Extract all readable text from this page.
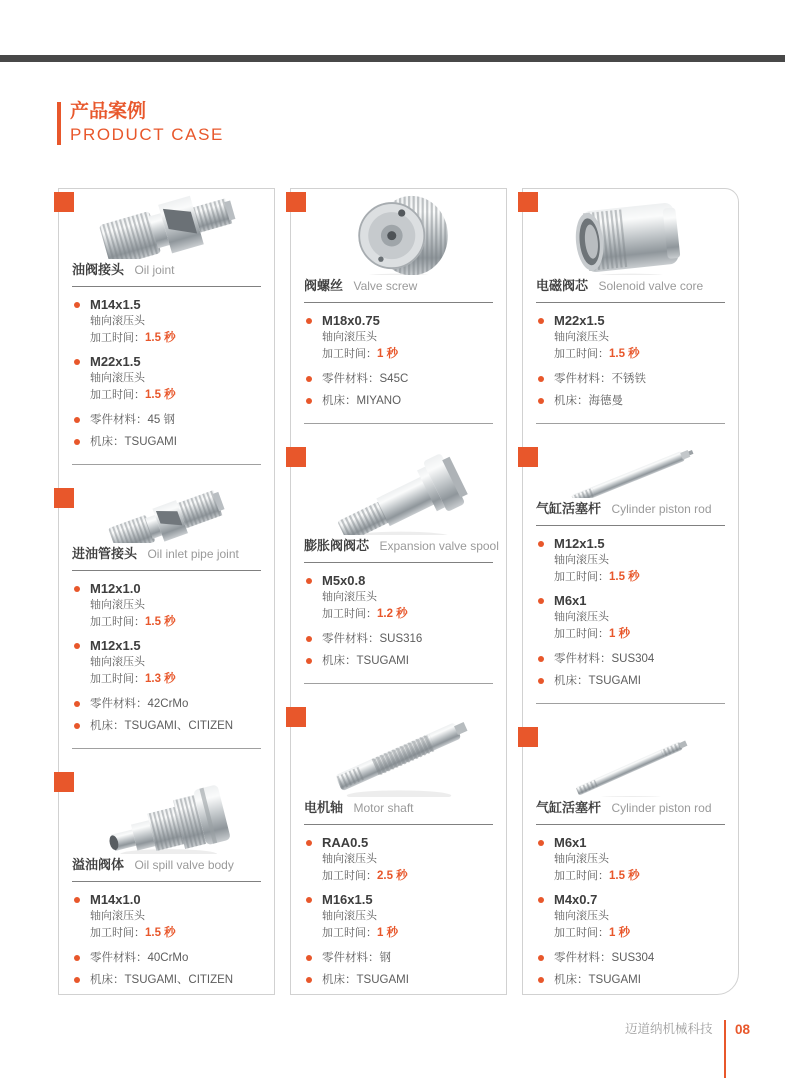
产品案例
PRODUCT CASE
油阀接头 Oil joint
M14x1.5
轴向滚压头
加工时间：1.5 秒
M22x1.5
轴向滚压头
加工时间：1.5 秒
零件材料：45 钢
机床：TSUGAMI
进油管接头 Oil inlet pipe joint
M12x1.0
轴向滚压头
加工时间：1.5 秒
M12x1.5
轴向滚压头
加工时间：1.3 秒
零件材料：42CrMo
机床：TSUGAMI、CITIZEN
溢油阀体 Oil spill valve body
M14x1.0
轴向滚压头
加工时间：1.5 秒
零件材料：40CrMo
机床：TSUGAMI、CITIZEN
阀螺丝 Valve screw
M18x0.75
轴向滚压头
加工时间：1 秒
零件材料：S45C
机床：MIYANO
膨胀阀阀芯 Expansion valve spool
M5x0.8
轴向滚压头
加工时间：1.2 秒
零件材料：SUS316
机床：TSUGAMI
电机轴 Motor shaft
RAA0.5
轴向滚压头
加工时间：2.5 秒
M16x1.5
轴向滚压头
加工时间：1 秒
零件材料：钢
机床：TSUGAMI
电磁阀芯 Solenoid valve core
M22x1.5
轴向滚压头
加工时间：1.5 秒
零件材料：不锈铁
机床：海德曼
气缸活塞杆 Cylinder piston rod
M12x1.5
轴向滚压头
加工时间：1.5 秒
M6x1
轴向滚压头
加工时间：1 秒
零件材料：SUS304
机床：TSUGAMI
气缸活塞杆 Cylinder piston rod
M6x1
轴向滚压头
加工时间：1.5 秒
M4x0.7
轴向滚压头
加工时间：1 秒
零件材料：SUS304
机床：TSUGAMI
迈道纳机械科技	08
